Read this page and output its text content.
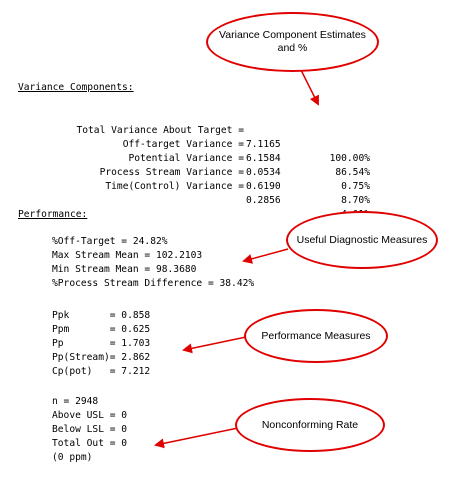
Variance Components:

Total Variance About Target =

7.1165

100.00%

Off-target Variance =

6.1584

86.54%

Potential Variance =

0.0534

0.75%

Process Stream Variance =

0.6190

8.70%

Time(Control) Variance =

0.2856

Performance:
%Off-Target = 24.82%
Max Stream Mean = 102.2103
Min Stream Mean = 98.3680
%Process Stream Difference = 38.42%
Ppk       = 0.858
Ppm       = 0.625
Pp        = 1.703
Pp(Stream)= 2.862
Cp(pot)   = 7.212
n = 2948
Above USL = 0
Below LSL = 0
Total Out = 0
(0 ppm)
Variance Component Estimates and %
Useful Diagnostic Measures
Performance Measures
Nonconforming Rate
